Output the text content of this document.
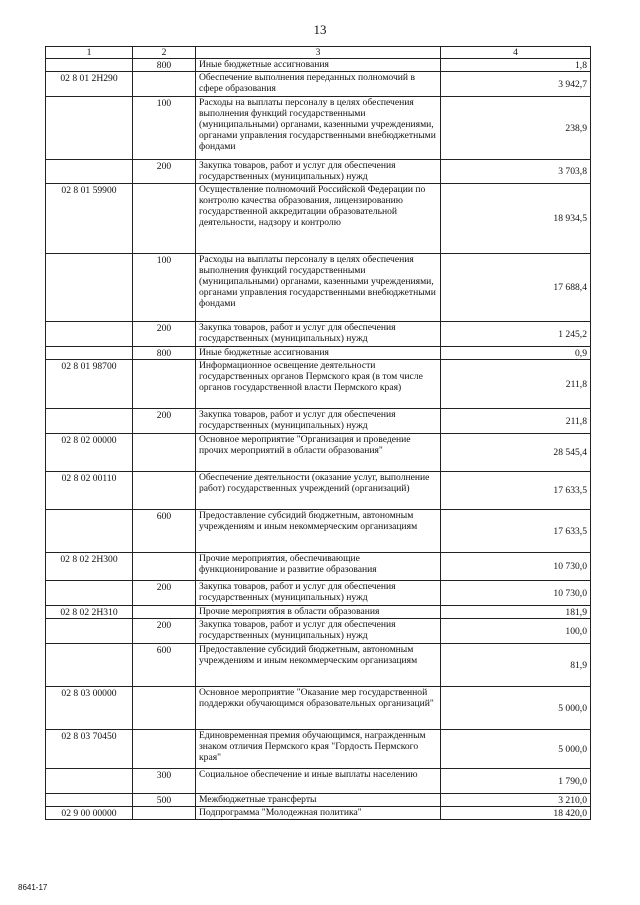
13
1	2	3	4
	800	Иные бюджетные ассигнования	1,8
02 8 01 2Н290		Обеспечение выполнения переданных полномочий в сфере образования	3 942,7
	100	Расходы на выплаты персоналу в целях обеспечения выполнения функций государственными (муниципальными) органами, казенными учреждениями, органами управления государственными внебюджетными фондами	238,9
	200	Закупка товаров, работ и услуг для обеспечения государственных (муниципальных) нужд	3 703,8
02 8 01 59900		Осуществление полномочий Российской Федерации по контролю качества образования, лицензированию государственной аккредитации образовательной деятельности, надзору и контролю	18 934,5
	100	Расходы на выплаты персоналу в целях обеспечения выполнения функций государственными (муниципальными) органами, казенными учреждениями, органами управления государственными внебюджетными фондами	17 688,4
	200	Закупка товаров, работ и услуг для обеспечения государственных (муниципальных) нужд	1 245,2
	800	Иные бюджетные ассигнования	0,9
02 8 01 98700		Информационное освещение деятельности государственных органов Пермского края (в том числе органов государственной власти Пермского края)	211,8
	200	Закупка товаров, работ и услуг для обеспечения государственных (муниципальных) нужд	211,8
02 8 02 00000		Основное мероприятие "Организация и проведение прочих мероприятий в области образования"	28 545,4
02 8 02 00110		Обеспечение деятельности (оказание услуг, выполнение работ) государственных учреждений (организаций)	17 633,5
	600	Предоставление субсидий бюджетным, автономным учреждениям и иным некоммерческим организациям	17 633,5
02 8 02 2Н300		Прочие мероприятия, обеспечивающие функционирование и развитие образования	10 730,0
	200	Закупка товаров, работ и услуг для обеспечения государственных (муниципальных) нужд	10 730,0
02 8 02 2Н310		Прочие мероприятия в области образования	181,9
	200	Закупка товаров, работ и услуг для обеспечения государственных (муниципальных) нужд	100,0
	600	Предоставление субсидий бюджетным, автономным учреждениям и иным некоммерческим организациям	81,9
02 8 03 00000		Основное мероприятие "Оказание мер государственной поддержки обучающимся образовательных организаций"	5 000,0
02 8 03 70450		Единовременная премия обучающимся, награжденным знаком отличия Пермского края "Гордость Пермского края"	5 000,0
	300	Социальное обеспечение и иные выплаты населению	1 790,0
	500	Межбюджетные трансферты	3 210,0
02 9 00 00000		Подпрограмма "Молодежная политика"	18 420,0
8641-17
